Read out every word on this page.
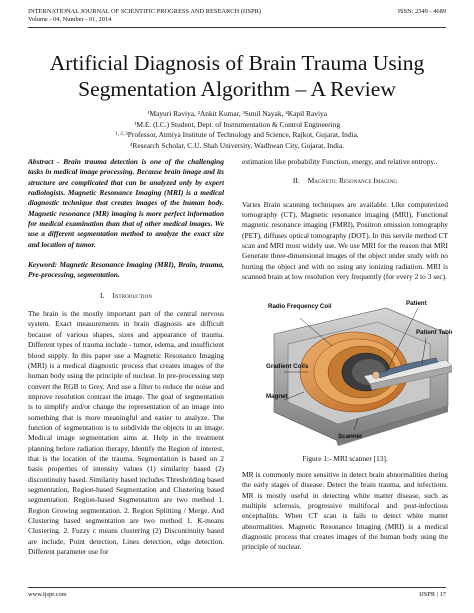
INTERNATIONAL JOURNAL OF SCIENTIFIC PROGRESS AND RESEARCH (IJSPR)	ISSN: 2349 - 4689
Volume - 04, Number - 01, 2014
Artificial Diagnosis of Brain Trauma Using
Segmentation Algorithm – A Review
$^1$Mayuri Raviya, ²Ankit Kumar, ³Sunil Nayak, ⁴Kapil Raviya
$^1$M.E. (I.C.) Student, Dept. of Instrumentation & Control Engineering
$^{1, 2, 3}$Professor, Atmiya Institute of Technology and Science, Rajkot, Gujarat, India.
$^4$Research Scholar, C.U. Shah University, Wadhwan City, Gujarat, India.

Abstract - Brain trauma detection is one of the challenging tasks in medical image processing. Because brain image and its structure are complicated that can be analyzed only by expert radiologists. Magnetic Resonance Imaging (MRI) is a medical diagnostic technique that creates images of the human body. Magnetic resonance (MR) imaging is more perfect information for medical examination than that of other medical images. We use a different segmentation method to analyze the exact size and location of tumor.

Keyword: Magnetic Resonance Imaging (MRI), Brain, trauma, Pre-processing, segmentation.

I. Introduction

The brain is the mostly important part of the central nervous system. Exact measurements in brain diagnosis are difficult because of various shapes, sizes and appearance of trauma. Different types of trauma include - tumor, edema, and insufficient blood supply. In this paper use a Magnetic Resonance Imaging (MRI) is a medical diagnostic process that creates images of the human body using the principle of nuclear. In pre-processing step convert the RGB to Grey. And use a filter to reduce the noise and improve resolution contrast the image. The goal of segmentation is to simplify and/or change the representation of an image into something that is more meaningful and easier to analyze. The function of segmentation is to subdivide the objects in an image. Medical image segmentation aims at. Help in the treatment planning before radiation therapy, Identify the Region of interest, that is the location of the trauma. Segmentation is based on 2 basis properties of intensity values (1) similarity based (2) discontinuity based. Similarity based includes Thresholding based segmentation, Region-based Segmentation and Clustering based segmentation. Region-based Segmentation are two method 1. Region Growing segmentation. 2. Region Splitting / Merge. And Clustering based segmentation are two method 1. K-means Clustering. 2. Fuzzy c means clustering (2) Discontinuity based are include, Point detection, Lines detection, edge detection. Different parameter use for

estimation like probability Function, energy, and relative entropy..

II. Magnetic Resonance Imaging

Varies Brain scanning techniques are available. Like computerized tomography (CT), Magnetic resonance imaging (MRI), Functional magnetic resonance imaging (FMRI), Positron emission tomography (PET), diffuses optical tomography (DOT). In this servile method CT scan and MRI most widely use. We use MRI for the reason that MRI Generate three-dimensional images of the object under study with no hurting the object and with no using any ionizing radiation. MRI is scanned brain at low resolution very frequently (for every 2 to 3 sec).

Patient
Radio Frequency Coil
Patient Table
Gradient Coils
Magnet
Scanner
Figure 1:- MRI scanner [13].

MR is commonly more sensitive in detect brain abnormalities during the early stages of disease. Detect the brain trauma, and infections. MR is mostly useful in detecting white matter disease, such as multiple sclerosis, progressive multifocal and post-infectious encephalitis. When CT scan is fails to detect white matter abnormalities. Magnetic Resonance Imaging (MRI) is a medical diagnostic process that creates images of the human body using the principle of nuclear.

www.ijspr.com	IJSPR | 17
